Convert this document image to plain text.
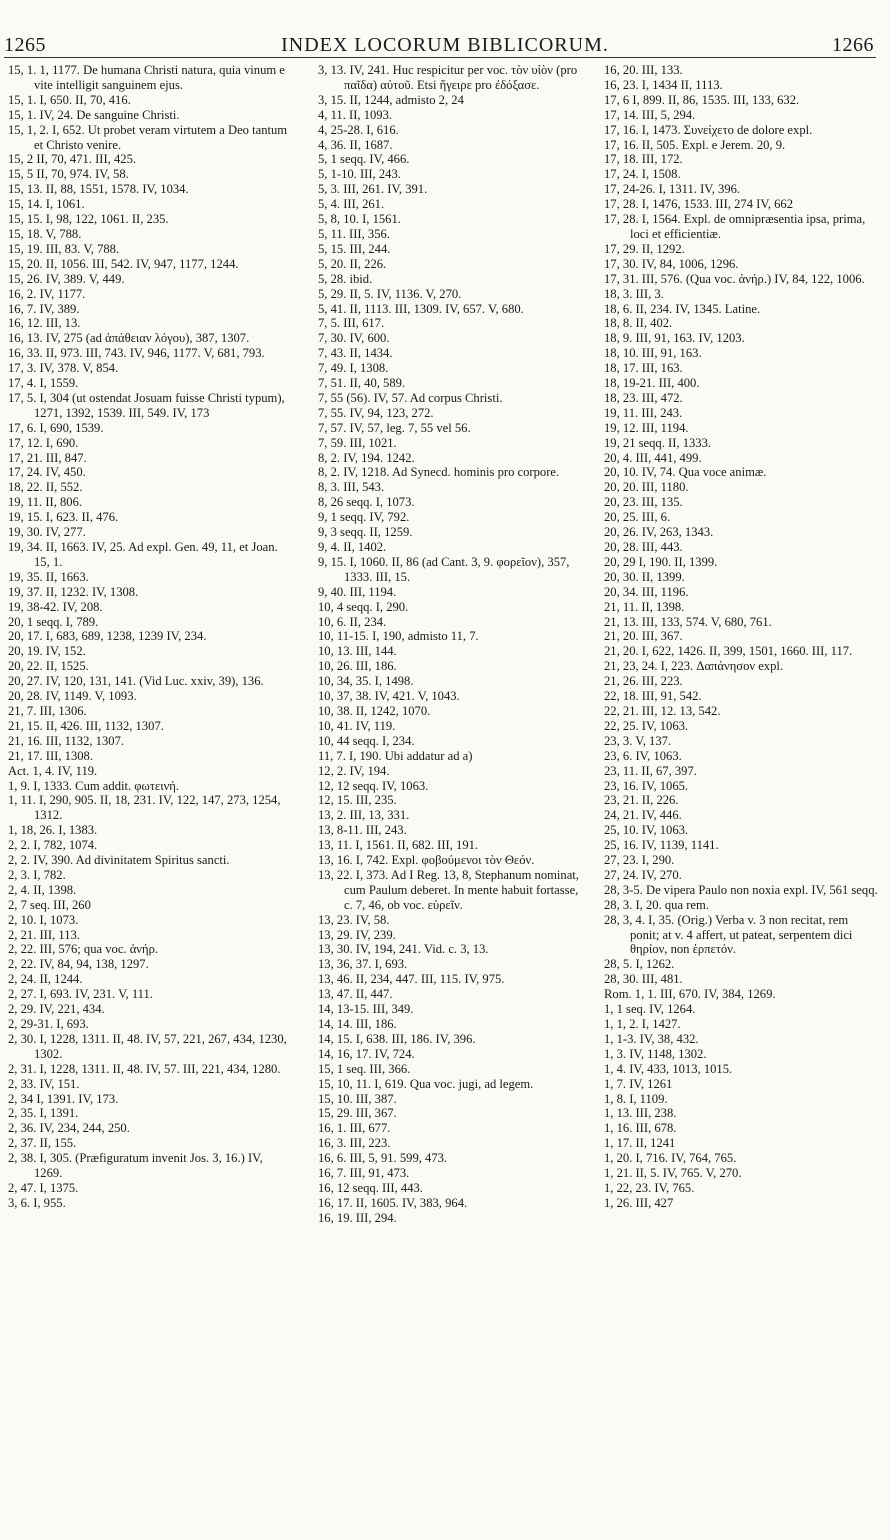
1265	INDEX LOCORUM BIBLICORUM.	1266
15, 1. 1, 1177. De humana Christi natura, quia vinum e vite intelligit sanguinem ejus.
15, 1. I, 650. II, 70, 416.
15, 1. IV, 24. De sanguine Christi.
15, 1, 2. I, 652. Ut probet veram virtutem a Deo tantum et Christo venire.
15, 2 II, 70, 471. III, 425.
15, 5 II, 70, 974. IV, 58.
15, 13. II, 88, 1551, 1578. IV, 1034.
15, 14. I, 1061.
15, 15. I, 98, 122, 1061. II, 235.
15, 18. V, 788.
15, 19. III, 83. V, 788.
15, 20. II, 1056. III, 542. IV, 947, 1177, 1244.
15, 26. IV, 389. V, 449.
16, 2. IV, 1177.
16, 7. IV, 389.
16, 12. III, 13.
16, 13. IV, 275 (ad ἀπάθειαν λόγου), 387, 1307.
16, 33. II, 973. III, 743. IV, 946, 1177. V, 681, 793.
17, 3. IV, 378. V, 854.
17, 4. I, 1559.
17, 5. I, 304 (ut ostendat Josuam fuisse Christi typum), 1271, 1392, 1539. III, 549. IV, 173
17, 6. I, 690, 1539.
17, 12. I, 690.
17, 21. III, 847.
17, 24. IV, 450.
18, 22. II, 552.
19, 11. II, 806.
19, 15. I, 623. II, 476.
19, 30. IV, 277.
19, 34. II, 1663. IV, 25. Ad expl. Gen. 49, 11, et Joan. 15, 1.
19, 35. II, 1663.
19, 37. II, 1232. IV, 1308.
19, 38-42. IV, 208.
20, 1 seqq. I, 789.
20, 17. I, 683, 689, 1238, 1239 IV, 234.
20, 19. IV, 152.
20, 22. II, 1525.
20, 27. IV, 120, 131, 141. (Vid Luc. xxiv, 39), 136.
20, 28. IV, 1149. V, 1093.
21, 7. III, 1306.
21, 15. II, 426. III, 1132, 1307.
21, 16. III, 1132, 1307.
21, 17. III, 1308.
Act. 1, 4. IV, 119.
1, 9. I, 1333. Cum addit. φωτεινή.
1, 11. I, 290, 905. II, 18, 231. IV, 122, 147, 273, 1254, 1312.
1, 18, 26. I, 1383.
2, 2. I, 782, 1074.
2, 2. IV, 390. Ad divinitatem Spiritus sancti.
2, 3. I, 782.
2, 4. II, 1398.
2, 7 seq. III, 260
2, 10. I, 1073.
2, 21. III, 113.
2, 22. III, 576; qua voc. ἀνήρ.
2, 22. IV, 84, 94, 138, 1297.
2, 24. II, 1244.
2, 27. I, 693. IV, 231. V, 111.
2, 29. IV, 221, 434.
2, 29-31. I, 693.
2, 30. I, 1228, 1311. II, 48. IV, 57, 221, 267, 434, 1230, 1302.
2, 31. I, 1228, 1311. II, 48. IV, 57. III, 221, 434, 1280.
2, 33. IV, 151.
2, 34 I, 1391. IV, 173.
2, 35. I, 1391.
2, 36. IV, 234, 244, 250.
2, 37. II, 155.
2, 38. I, 305. (Præfiguratum invenit Jos. 3, 16.) IV, 1269.
2, 47. I, 1375.
3, 6. I, 955.
3, 13. IV, 241. Huc respicitur per voc. τὸν υἱὸν (pro παῖδα) αὐτοῦ. Etsi ἤγειρε pro ἐδόξασε.
3, 15. II, 1244, admisto 2, 24
4, 11. II, 1093.
4, 25-28. I, 616.
4, 36. II, 1687.
5, 1 seqq. IV, 466.
5, 1-10. III, 243.
5, 3. III, 261. IV, 391.
5, 4. III, 261.
5, 8, 10. I, 1561.
5, 11. III, 356.
5, 15. III, 244.
5, 20. II, 226.
5, 28. ibid.
5, 29. II, 5. IV, 1136. V, 270.
5, 41. II, 1113. III, 1309. IV, 657. V, 680.
7, 5. III, 617.
7, 30. IV, 600.
7, 43. II, 1434.
7, 49. I, 1308.
7, 51. II, 40, 589.
7, 55 (56). IV, 57. Ad corpus Christi.
7, 55. IV, 94, 123, 272.
7, 57. IV, 57, leg. 7, 55 vel 56.
7, 59. III, 1021.
8, 2. IV, 194. 1242.
8, 2. IV, 1218. Ad Synecd. hominis pro corpore.
8, 3. III, 543.
8, 26 seqq. I, 1073.
9, 1 seqq. IV, 792.
9, 3 seqq. II, 1259.
9, 4. II, 1402.
9, 15. I, 1060. II, 86 (ad Cant. 3, 9. φορεῖον), 357, 1333. III, 15.
9, 40. III, 1194.
10, 4 seqq. I, 290.
10, 6. II, 234.
10, 11-15. I, 190, admisto 11, 7.
10, 13. III, 144.
10, 26. III, 186.
10, 34, 35. I, 1498.
10, 37, 38. IV, 421. V, 1043.
10, 38. II, 1242, 1070.
10, 41. IV, 119.
10, 44 seqq. I, 234.
11, 7. I, 190. Ubi addatur ad a)
12, 2. IV, 194.
12, 12 seqq. IV, 1063.
12, 15. III, 235.
13, 2. III, 13, 331.
13, 8-11. III, 243.
13, 11. I, 1561. II, 682. III, 191.
13, 16. I, 742. Expl. φοβούμενοι τὸν Θεόν.
13, 22. I, 373. Ad I Reg. 13, 8, Stephanum nominat, cum Paulum deberet. In mente habuit fortasse, c. 7, 46, ob voc. εὑρεῖν.
13, 23. IV, 58.
13, 29. IV, 239.
13, 30. IV, 194, 241. Vid. c. 3, 13.
13, 36, 37. I, 693.
13, 46. II, 234, 447. III, 115. IV, 975.
13, 47. II, 447.
14, 13-15. III, 349.
14, 14. III, 186.
14, 15. I, 638. III, 186. IV, 396.
14, 16, 17. IV, 724.
15, 1 seq. III, 366.
15, 10, 11. I, 619. Qua voc. jugi, ad legem.
15, 10. III, 387.
15, 29. III, 367.
16, 1. III, 677.
16, 3. III, 223.
16, 6. III, 5, 91. 599, 473.
16, 7. III, 91, 473.
16, 12 seqq. III, 443.
16, 17. II, 1605. IV, 383, 964.
16, 19. III, 294.
16, 20. III, 133.
16, 23. I, 1434 II, 1113.
17, 6 I, 899. II, 86, 1535. III, 133, 632.
17, 14. III, 5, 294.
17, 16. I, 1473. Συνείχετο de dolore expl.
17, 16. II, 505. Expl. e Jerem. 20, 9.
17, 18. III, 172.
17, 24. I, 1508.
17, 24-26. I, 1311. IV, 396.
17, 28. I, 1476, 1533. III, 274 IV, 662
17, 28. I, 1564. Expl. de omnipræsentia ipsa, prima, loci et efficientiæ.
17, 29. II, 1292.
17, 30. IV, 84, 1006, 1296.
17, 31. III, 576. (Qua voc. ἀνήρ.) IV, 84, 122, 1006.
18, 3. III, 3.
18, 6. II, 234. IV, 1345. Latine.
18, 8. II, 402.
18, 9. III, 91, 163. IV, 1203.
18, 10. III, 91, 163.
18, 17. III, 163.
18, 19-21. III, 400.
18, 23. III, 472.
19, 11. III, 243.
19, 12. III, 1194.
19, 21 seqq. II, 1333.
20, 4. III, 441, 499.
20, 10. IV, 74. Qua voce animæ.
20, 20. III, 1180.
20, 23. III, 135.
20, 25. III, 6.
20, 26. IV, 263, 1343.
20, 28. III, 443.
20, 29 I, 190. II, 1399.
20, 30. II, 1399.
20, 34. III, 1196.
21, 11. II, 1398.
21, 13. III, 133, 574. V, 680, 761.
21, 20. III, 367.
21, 20. I, 622, 1426. II, 399, 1501, 1660. III, 117.
21, 23, 24. I, 223. Δαπάνησον expl.
21, 26. III, 223.
22, 18. III, 91, 542.
22, 21. III, 12. 13, 542.
22, 25. IV, 1063.
23, 3. V, 137.
23, 6. IV, 1063.
23, 11. II, 67, 397.
23, 16. IV, 1065.
23, 21. II, 226.
24, 21. IV, 446.
25, 10. IV, 1063.
25, 16. IV, 1139, 1141.
27, 23. I, 290.
27, 24. IV, 270.
28, 3-5. De vipera Paulo non noxia expl. IV, 561 seqq.
28, 3. I, 20. qua rem.
28, 3, 4. I, 35. (Orig.) Verba v. 3 non recitat, rem ponit; at v. 4 affert, ut pateat, serpentem dici θηρίον, non ἑρπετόν.
28, 5. I, 1262.
28, 30. III, 481.
Rom. 1, 1. III, 670. IV, 384, 1269.
1, 1 seq. IV, 1264.
1, 1, 2. I, 1427.
1, 1-3. IV, 38, 432.
1, 3. IV, 1148, 1302.
1, 4. IV, 433, 1013, 1015.
1, 7. IV, 1261
1, 8. I, 1109.
1, 13. III, 238.
1, 16. III, 678.
1, 17. II, 1241
1, 20. I, 716. IV, 764, 765.
1, 21. II, 5. IV, 765. V, 270.
1, 22, 23. IV, 765.
1, 26. III, 427
